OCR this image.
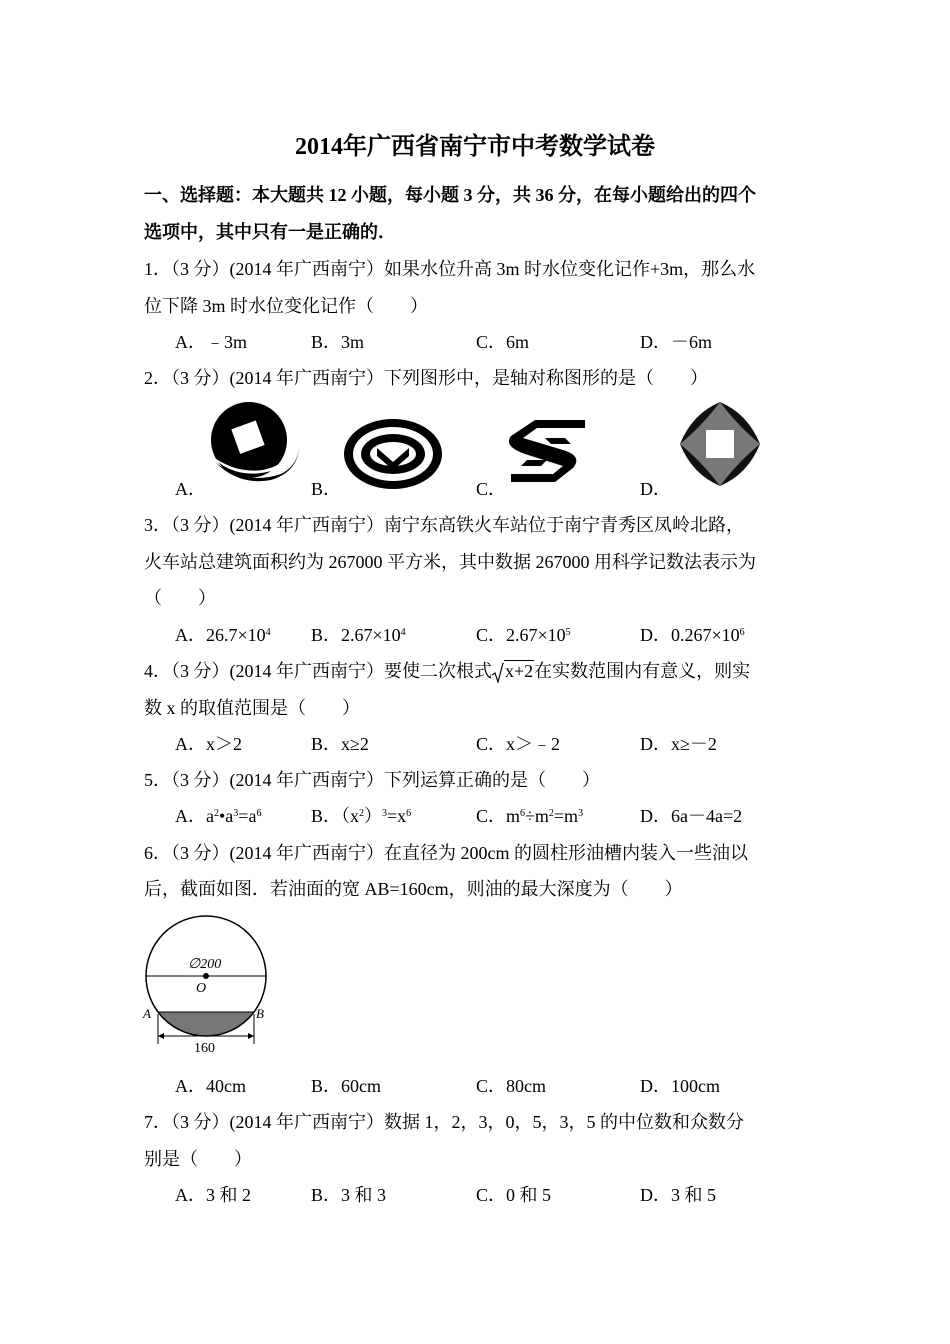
2014年广西省南宁市中考数学试卷
一、选择题：本大题共 12 小题，每小题 3 分，共 36 分，在每小题给出的四个
选项中，其中只有一是正确的．
1．（3 分）(2014 年广西南宁）如果水位升高 3m 时水位变化记作+3m，那么水
位下降 3m 时水位变化记作（　　）
A．﹣3m	B．3m	C．6m	D．－6m
2．（3 分）(2014 年广西南宁）下列图形中，是轴对称图形的是（　　）
A．	B．	C．	D．
3．（3 分）(2014 年广西南宁）南宁东高铁火车站位于南宁青秀区凤岭北路，
火车站总建筑面积约为 267000 平方米，其中数据 267000 用科学记数法表示为
（　　）
A．$26.7\times 10^4$ B．$2.67\times 10^4$	C．$2.67\times 10^5$	D．$0.267\times 10^6$
4．（3 分）(2014 年广西南宁）要使二次根式 x+2在实数范围内有意义，则实
数 x 的取值范围是（　　）
A．x＞2	B．x≥2	C．x＞﹣2	D．x≥－2
5．（3 分）(2014 年广西南宁）下列运算正确的是（　　）
A．$a^2•a^3=a^6$	B．$(x^2)^3=x^6$	C．$m^6\div m^2=m^3$	D．6a－4a=2
6．（3 分）(2014 年广西南宁）在直径为 200cm 的圆柱形油槽内装入一些油以
后，截面如图．若油面的宽 AB=160cm，则油的最大深度为（　　）
∅200
O
A	B
160
A．40cm	B．60cm	C．80cm	D．100cm
7．（3 分）(2014 年广西南宁）数据 1，2，3，0，5，3，5 的中位数和众数分
别是（　　）
A．3 和 2	B．3 和 3	C．0 和 5	D．3 和 5
